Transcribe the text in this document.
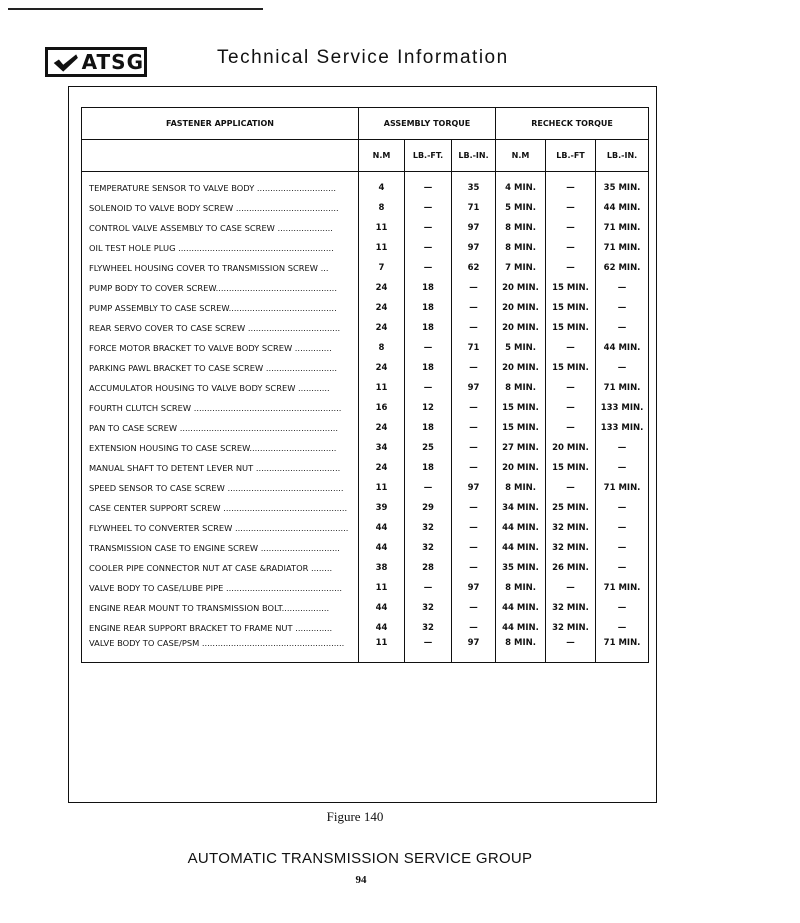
ATSG	Technical Service Information
FASTENER APPLICATION	ASSEMBLY TORQUE			RECHECK TORQUE		
	N.M	LB.-FT.	LB.-IN.	N.M	LB.-FT	LB.-IN.
TEMPERATURE SENSOR TO VALVE BODY ..............................	4	—	35	4 MIN.	—	35 MIN.
SOLENOID TO VALVE BODY SCREW .......................................	8	—	71	5 MIN.	—	44 MIN.
CONTROL VALVE ASSEMBLY TO CASE SCREW .....................	11	—	97	8 MIN.	—	71 MIN.
OIL TEST HOLE PLUG ...........................................................	11	—	97	8 MIN.	—	71 MIN.
FLYWHEEL HOUSING COVER TO TRANSMISSION SCREW ...	7	—	62	7 MIN.	—	62 MIN.
PUMP BODY TO COVER SCREW..............................................	24	18	—	20 MIN.	15 MIN.	—
PUMP ASSEMBLY TO CASE SCREW.........................................	24	18	—	20 MIN.	15 MIN.	—
REAR SERVO COVER TO CASE SCREW ...................................	24	18	—	20 MIN.	15 MIN.	—
FORCE MOTOR BRACKET TO VALVE BODY SCREW ..............	8	—	71	5 MIN.	—	44 MIN.
PARKING PAWL BRACKET TO CASE SCREW ...........................	24	18	—	20 MIN.	15 MIN.	—
ACCUMULATOR HOUSING TO VALVE BODY SCREW ............	11	—	97	8 MIN.	—	71 MIN.
FOURTH CLUTCH SCREW ........................................................	16	12	—	15 MIN.	—	133 MIN.
PAN TO CASE SCREW ............................................................	24	18	—	15 MIN.	—	133 MIN.
EXTENSION HOUSING TO CASE SCREW.................................	34	25	—	27 MIN.	20 MIN.	—
MANUAL SHAFT TO DETENT LEVER NUT ................................	24	18	—	20 MIN.	15 MIN.	—
SPEED SENSOR TO CASE SCREW ............................................	11	—	97	8 MIN.	—	71 MIN.
CASE CENTER SUPPORT SCREW ...............................................	39	29	—	34 MIN.	25 MIN.	—
FLYWHEEL TO CONVERTER SCREW ...........................................	44	32	—	44 MIN.	32 MIN.	—
TRANSMISSION CASE TO ENGINE SCREW ..............................	44	32	—	44 MIN.	32 MIN.	—
COOLER PIPE CONNECTOR NUT AT CASE &RADIATOR ........	38	28	—	35 MIN.	26 MIN.	—
VALVE BODY TO CASE/LUBE PIPE ............................................	11	—	97	8 MIN.	—	71 MIN.
ENGINE REAR MOUNT TO TRANSMISSION BOLT..................	44	32	—	44 MIN.	32 MIN.	—
ENGINE REAR SUPPORT BRACKET TO FRAME NUT ..............	44	32	—	44 MIN.	32 MIN.	—
VALVE BODY TO CASE/PSM ......................................................	11	—	97	8 MIN.	—	71 MIN.
Figure 140
AUTOMATIC TRANSMISSION SERVICE GROUP
94
